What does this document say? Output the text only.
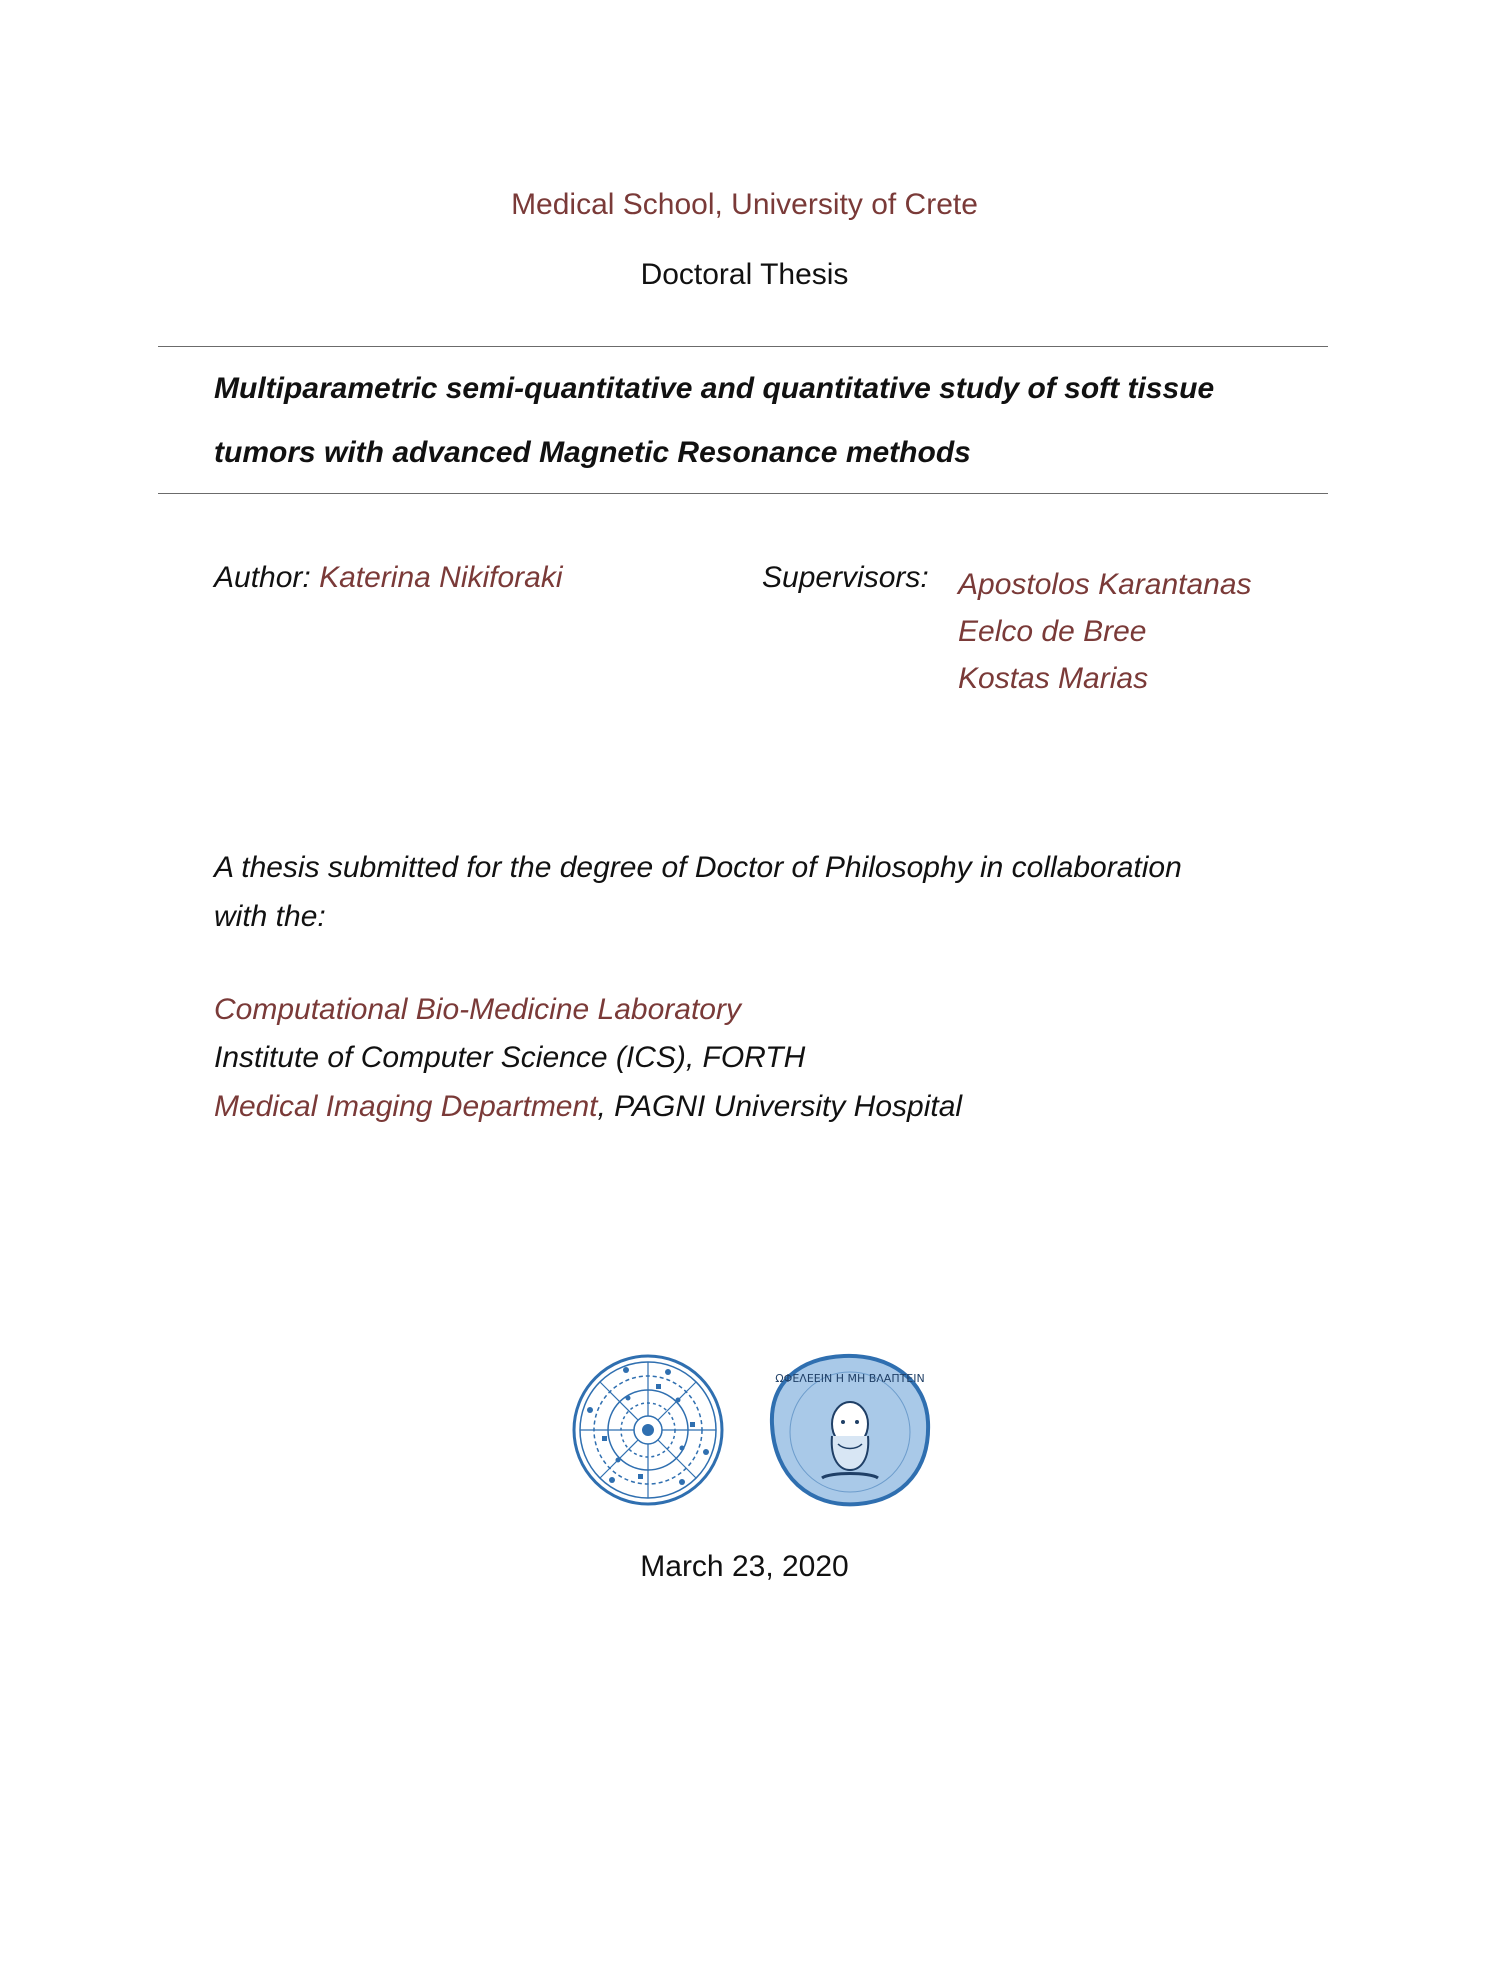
Medical School, University of Crete
Doctoral Thesis
Multiparametric semi-quantitative and quantitative study of soft tissue
tumors with advanced Magnetic Resonance methods
Author: Katerina Nikiforaki	Supervisors: Apostolos Karantanas
Eelco de Bree
Kostas Marias
A thesis submitted for the degree of Doctor of Philosophy in collaboration
with the:
Computational Bio-Medicine Laboratory
Institute of Computer Science (ICS), FORTH
Medical Imaging Department, PAGNI University Hospital
ΩΦΕΛΕΕΙΝ Η ΜΗ ΒΛΑΠΤΕΙΝ
March 23, 2020
